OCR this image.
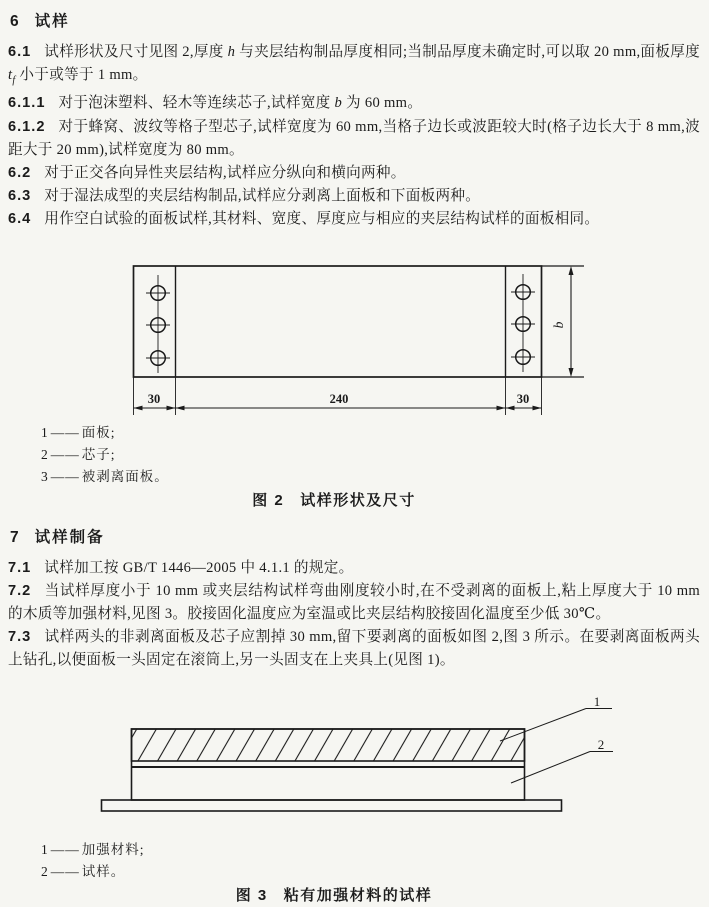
6 试样

6.1 试样形状及尺寸见图 2,厚度 h 与夹层结构制品厚度相同;当制品厚度未确定时,可以取 20 mm,面板厚度 $t_f$ 小于或等于 1 mm。

6.1.1 对于泡沫塑料、轻木等连续芯子,试样宽度 b 为 60 mm。

6.1.2 对于蜂窝、波纹等格子型芯子,试样宽度为 60 mm,当格子边长或波距较大时(格子边长大于 8 mm,波距大于 20 mm),试样宽度为 80 mm。

6.2 对于正交各向异性夹层结构,试样应分纵向和横向两种。

6.3 对于湿法成型的夹层结构制品,试样应分剥离上面板和下面板两种。

6.4 用作空白试验的面板试样,其材料、宽度、厚度应与相应的夹层结构试样的面板相同。

b
30	240	30
1 —— 面板;
2 —— 芯子;
3 —— 被剥离面板。
图 2 试样形状及尺寸
7 试样制备

7.1 试样加工按 GB/T 1446—2005 中 4.1.1 的规定。

7.2 当试样厚度小于 10 mm 或夹层结构试样弯曲刚度较小时,在不受剥离的面板上,粘上厚度大于 10 mm 的木质等加强材料,见图 3。胶接固化温度应为室温或比夹层结构胶接固化温度至少低 30℃。

7.3 试样两头的非剥离面板及芯子应割掉 30 mm,留下要剥离的面板如图 2,图 3 所示。在要剥离面板两头上钻孔,以便面板一头固定在滚筒上,另一头固支在上夹具上(见图 1)。

1
2
1 —— 加强材料;
2 —— 试样。
图 3 粘有加强材料的试样
